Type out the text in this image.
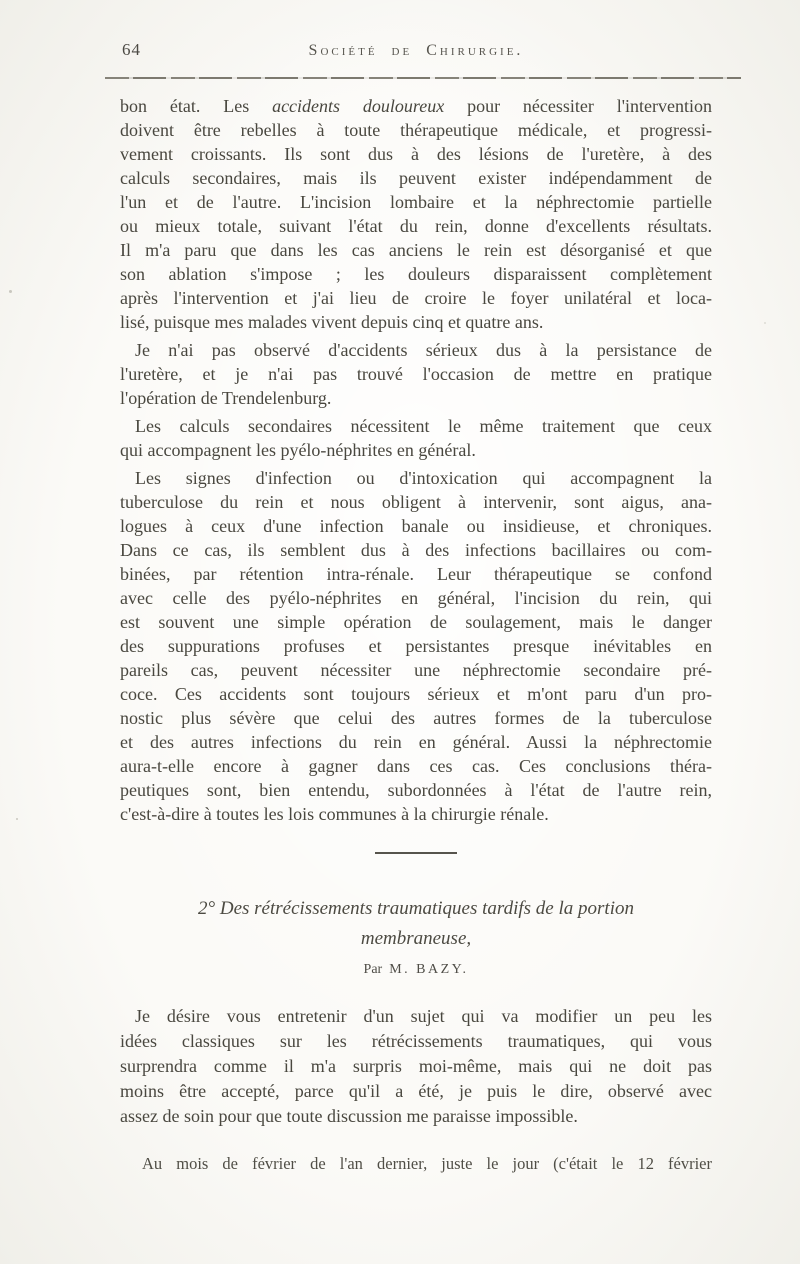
64	Société de Chirurgie.
bon état. Les accidents douloureux pour nécessiter l'intervention
doivent être rebelles à toute thérapeutique médicale, et progressi-
vement croissants. Ils sont dus à des lésions de l'uretère, à des
calculs secondaires, mais ils peuvent exister indépendamment de
l'un et de l'autre. L'incision lombaire et la néphrectomie partielle
ou mieux totale, suivant l'état du rein, donne d'excellents résultats.
Il m'a paru que dans les cas anciens le rein est désorganisé et que
son ablation s'impose ; les douleurs disparaissent complètement
après l'intervention et j'ai lieu de croire le foyer unilatéral et loca-
lisé, puisque mes malades vivent depuis cinq et quatre ans.
Je n'ai pas observé d'accidents sérieux dus à la persistance de
l'uretère, et je n'ai pas trouvé l'occasion de mettre en pratique
l'opération de Trendelenburg.
Les calculs secondaires nécessitent le même traitement que ceux
qui accompagnent les pyélo-néphrites en général.
Les signes d'infection ou d'intoxication qui accompagnent la
tuberculose du rein et nous obligent à intervenir, sont aigus, ana-
logues à ceux d'une infection banale ou insidieuse, et chroniques.
Dans ce cas, ils semblent dus à des infections bacillaires ou com-
binées, par rétention intra-rénale. Leur thérapeutique se confond
avec celle des pyélo-néphrites en général, l'incision du rein, qui
est souvent une simple opération de soulagement, mais le danger
des suppurations profuses et persistantes presque inévitables en
pareils cas, peuvent nécessiter une néphrectomie secondaire pré-
coce. Ces accidents sont toujours sérieux et m'ont paru d'un pro-
nostic plus sévère que celui des autres formes de la tuberculose
et des autres infections du rein en général. Aussi la néphrectomie
aura-t-elle encore à gagner dans ces cas. Ces conclusions théra-
peutiques sont, bien entendu, subordonnées à l'état de l'autre rein,
c'est-à-dire à toutes les lois communes à la chirurgie rénale.
2° Des rétrécissements traumatiques tardifs de la portion
membraneuse,
Par M. BAZY.
Je désire vous entretenir d'un sujet qui va modifier un peu les
idées classiques sur les rétrécissements traumatiques, qui vous
surprendra comme il m'a surpris moi-même, mais qui ne doit pas
moins être accepté, parce qu'il a été, je puis le dire, observé avec
assez de soin pour que toute discussion me paraisse impossible.
Au mois de février de l'an dernier, juste le jour (c'était le 12 février
